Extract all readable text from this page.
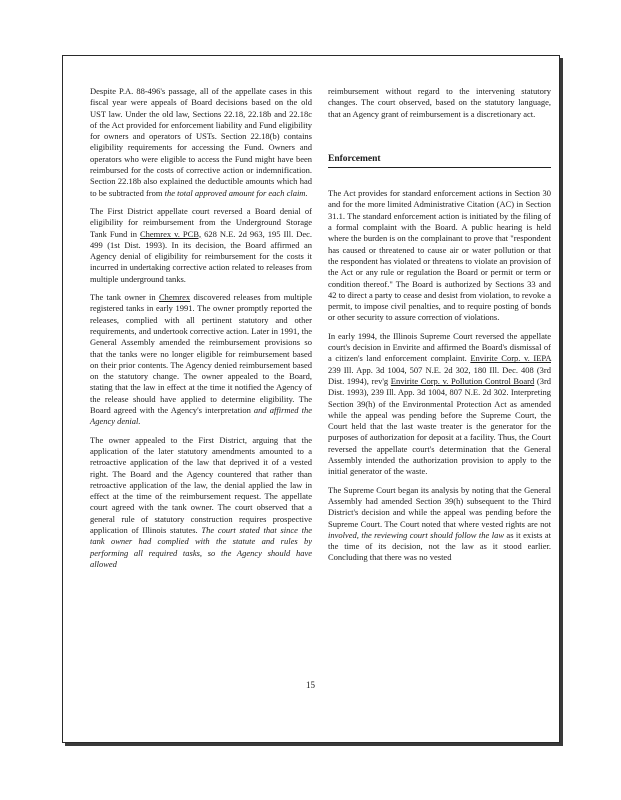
Despite P.A. 88-496's passage, all of the appellate cases in this fiscal year were appeals of Board decisions based on the old UST law. Under the old law, Sections 22.18, 22.18b and 22.18c of the Act provided for enforcement liability and Fund eligibility for owners and operators of USTs. Section 22.18(b) contains eligibility requirements for accessing the Fund. Owners and operators who were eligible to access the Fund might have been reimbursed for the costs of corrective action or indemnification. Section 22.18b also explained the deductible amounts which had to be subtracted from the total approved amount for each claim.

The First District appellate court reversed a Board denial of eligibility for reimbursement from the Underground Storage Tank Fund in Chemrex v. PCB, 628 N.E. 2d 963, 195 Ill. Dec. 499 (1st Dist. 1993). In its decision, the Board affirmed an Agency denial of eligibility for reimbursement for the costs it incurred in undertaking corrective action related to releases from multiple underground tanks.

The tank owner in Chemrex discovered releases from multiple registered tanks in early 1991. The owner promptly reported the releases, complied with all pertinent statutory and other requirements, and undertook corrective action. Later in 1991, the General Assembly amended the reimbursement provisions so that the tanks were no longer eligible for reimbursement based on their prior contents. The Agency denied reimbursement based on the statutory change. The owner appealed to the Board, stating that the law in effect at the time it notified the Agency of the release should have applied to determine eligibility. The Board agreed with the Agency's interpretation and affirmed the Agency denial.

The owner appealed to the First District, arguing that the application of the later statutory amendments amounted to a retroactive application of the law that deprived it of a vested right. The Board and the Agency countered that rather than retroactive application of the law, the denial applied the law in effect at the time of the reimbursement request. The appellate court agreed with the tank owner. The court observed that a general rule of statutory construction requires prospective application of Illinois statutes. The court stated that since the tank owner had complied with the statute and rules by performing all required tasks, so the Agency should have allowed

reimbursement without regard to the intervening statutory changes. The court observed, based on the statutory language, that an Agency grant of reimbursement is a discretionary act.

Enforcement

The Act provides for standard enforcement actions in Section 30 and for the more limited Administrative Citation (AC) in Section 31.1. The standard enforcement action is initiated by the filing of a formal complaint with the Board. A public hearing is held where the burden is on the complainant to prove that "respondent has caused or threatened to cause air or water pollution or that the respondent has violated or threatens to violate an provision of the Act or any rule or regulation the Board or permit or term or condition thereof." The Board is authorized by Sections 33 and 42 to direct a party to cease and desist from violation, to revoke a permit, to impose civil penalties, and to require posting of bonds or other security to assure correction of violations.

In early 1994, the Illinois Supreme Court reversed the appellate court's decision in Envirite and affirmed the Board's dismissal of a citizen's land enforcement complaint. Envirite Corp. v. IEPA 239 Ill. App. 3d 1004, 507 N.E. 2d 302, 180 Ill. Dec. 408 (3rd Dist. 1994), rev'g Envirite Corp. v. Pollution Control Board (3rd Dist. 1993), 239 Ill. App. 3d 1004, 807 N.E. 2d 302. Interpreting Section 39(h) of the Environmental Protection Act as amended while the appeal was pending before the Supreme Court, the Court held that the last waste treater is the generator for the purposes of authorization for deposit at a facility. Thus, the Court reversed the appellate court's determination that the General Assembly intended the authorization provision to apply to the initial generator of the waste.

The Supreme Court began its analysis by noting that the General Assembly had amended Section 39(h) subsequent to the Third District's decision and while the appeal was pending before the Supreme Court. The Court noted that where vested rights are not involved, the reviewing court should follow the law as it exists at the time of its decision, not the law as it stood earlier. Concluding that there was no vested

15
